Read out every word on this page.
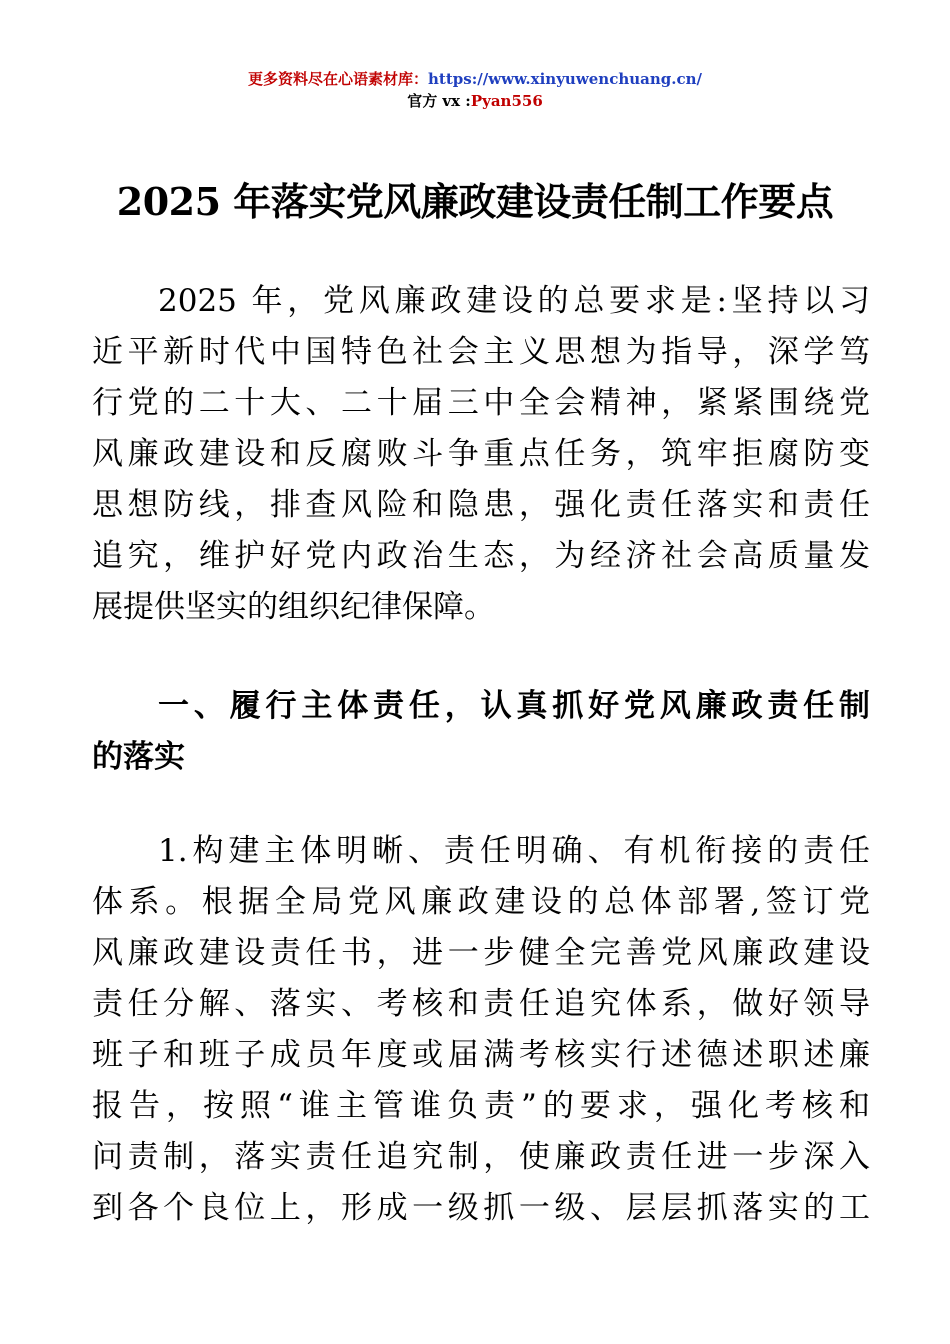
更多资料尽在心语素材库：https://www.xinyuwenchuang.cn/
官方 vx :Pyan556
2025 年落实党风廉政建设责任制工作要点
2025 年，党风廉政建设的总要求是:坚持以习
近平新时代中国特色社会主义思想为指导，深学笃
行党的二十大、二十届三中全会精神，紧紧围绕党
风廉政建设和反腐败斗争重点任务，筑牢拒腐防变
思想防线，排查风险和隐患，强化责任落实和责任
追究，维护好党内政治生态，为经济社会高质量发
展提供坚实的组织纪律保障。
一、履行主体责任，认真抓好党风廉政责任制
的落实
1.构建主体明晰、责任明确、有机衔接的责任
体系。根据全局党风廉政建设的总体部署,签订党
风廉政建设责任书，进一步健全完善党风廉政建设
责任分解、落实、考核和责任追究体系，做好领导
班子和班子成员年度或届满考核实行述德述职述廉
报告，按照“谁主管谁负责”的要求，强化考核和
问责制，落实责任追究制，使廉政责任进一步深入
到各个良位上，形成一级抓一级、层层抓落实的工
